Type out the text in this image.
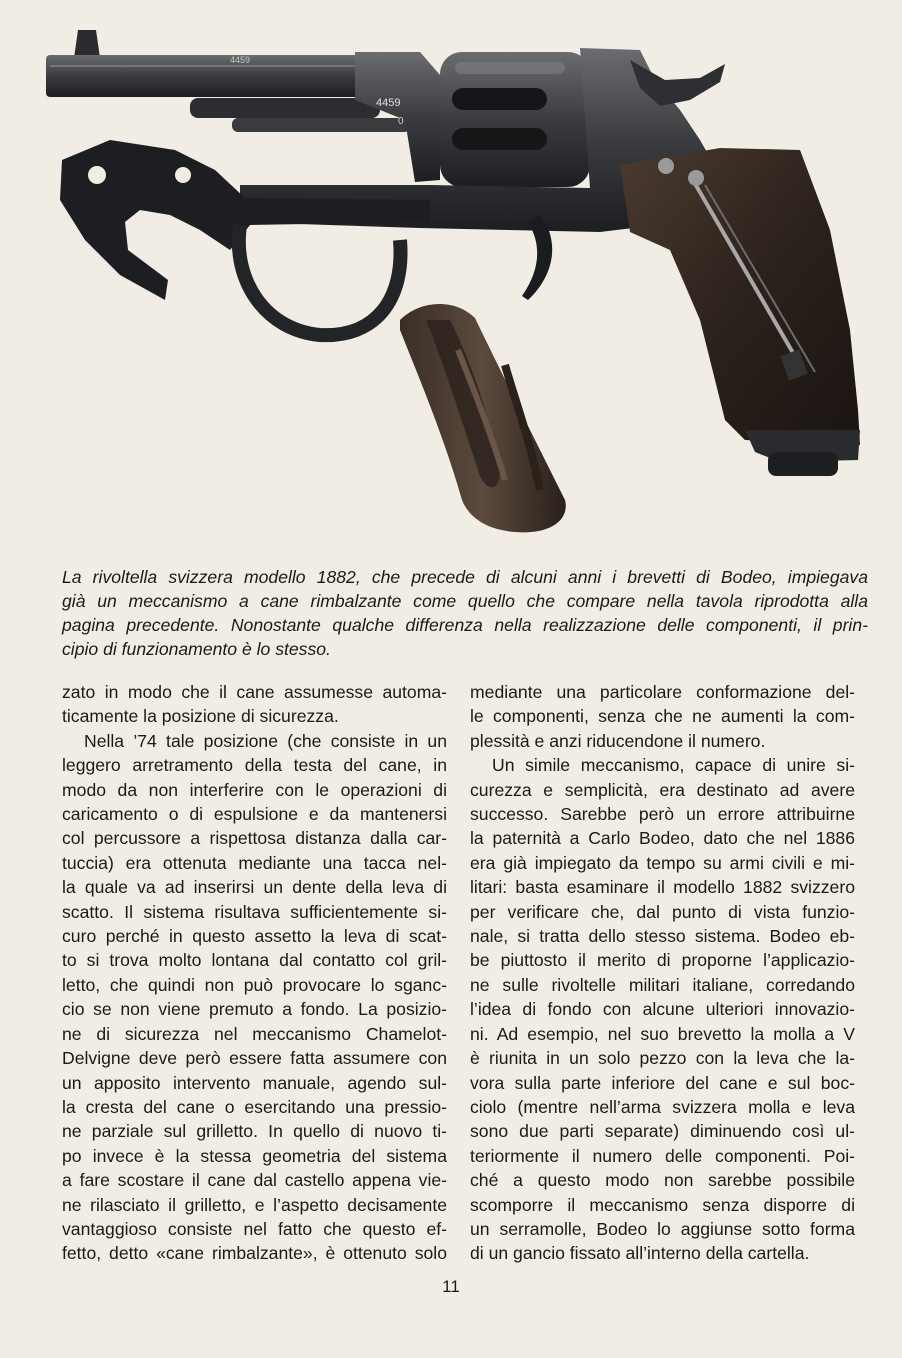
4459
4459
0

La rivoltella svizzera modello 1882, che precede di alcuni anni i brevetti di Bodeo, impiegava
già un meccanismo a cane rimbalzante come quello che compare nella tavola riprodotta alla
pagina precedente. Nonostante qualche differenza nella realizzazione delle componenti, il prin-
cipio di funzionamento è lo stesso.

zato in modo che il cane assumesse automa-
ticamente la posizione di sicurezza.

Nella ’74 tale posizione (che consiste in un
leggero arretramento della testa del cane, in
modo da non interferire con le operazioni di
caricamento o di espulsione e da mantenersi
col percussore a rispettosa distanza dalla car-
tuccia) era ottenuta mediante una tacca nel-
la quale va ad inserirsi un dente della leva di
scatto. Il sistema risultava sufficientemente si-
curo perché in questo assetto la leva di scat-
to si trova molto lontana dal contatto col gril-
letto, che quindi non può provocare lo sganc-
cio se non viene premuto a fondo. La posizio-
ne di sicurezza nel meccanismo Chamelot-
Delvigne deve però essere fatta assumere con
un apposito intervento manuale, agendo sul-
la cresta del cane o esercitando una pressio-
ne parziale sul grilletto. In quello di nuovo ti-
po invece è la stessa geometria del sistema
a fare scostare il cane dal castello appena vie-
ne rilasciato il grilletto, e l’aspetto decisamente
vantaggioso consiste nel fatto che questo ef-
fetto, detto «cane rimbalzante», è ottenuto solo

mediante una particolare conformazione del-
le componenti, senza che ne aumenti la com-
plessità e anzi riducendone il numero.

Un simile meccanismo, capace di unire si-
curezza e semplicità, era destinato ad avere
successo. Sarebbe però un errore attribuirne
la paternità a Carlo Bodeo, dato che nel 1886
era già impiegato da tempo su armi civili e mi-
litari: basta esaminare il modello 1882 svizzero
per verificare che, dal punto di vista funzio-
nale, si tratta dello stesso sistema. Bodeo eb-
be piuttosto il merito di proporne l’applicazio-
ne sulle rivoltelle militari italiane, corredando
l’idea di fondo con alcune ulteriori innovazio-
ni. Ad esempio, nel suo brevetto la molla a V
è riunita in un solo pezzo con la leva che la-
vora sulla parte inferiore del cane e sul boc-
ciolo (mentre nell’arma svizzera molla e leva
sono due parti separate) diminuendo così ul-
teriormente il numero delle componenti. Poi-
ché a questo modo non sarebbe possibile
scomporre il meccanismo senza disporre di
un serramolle, Bodeo lo aggiunse sotto forma
di un gancio fissato all’interno della cartella.

11
